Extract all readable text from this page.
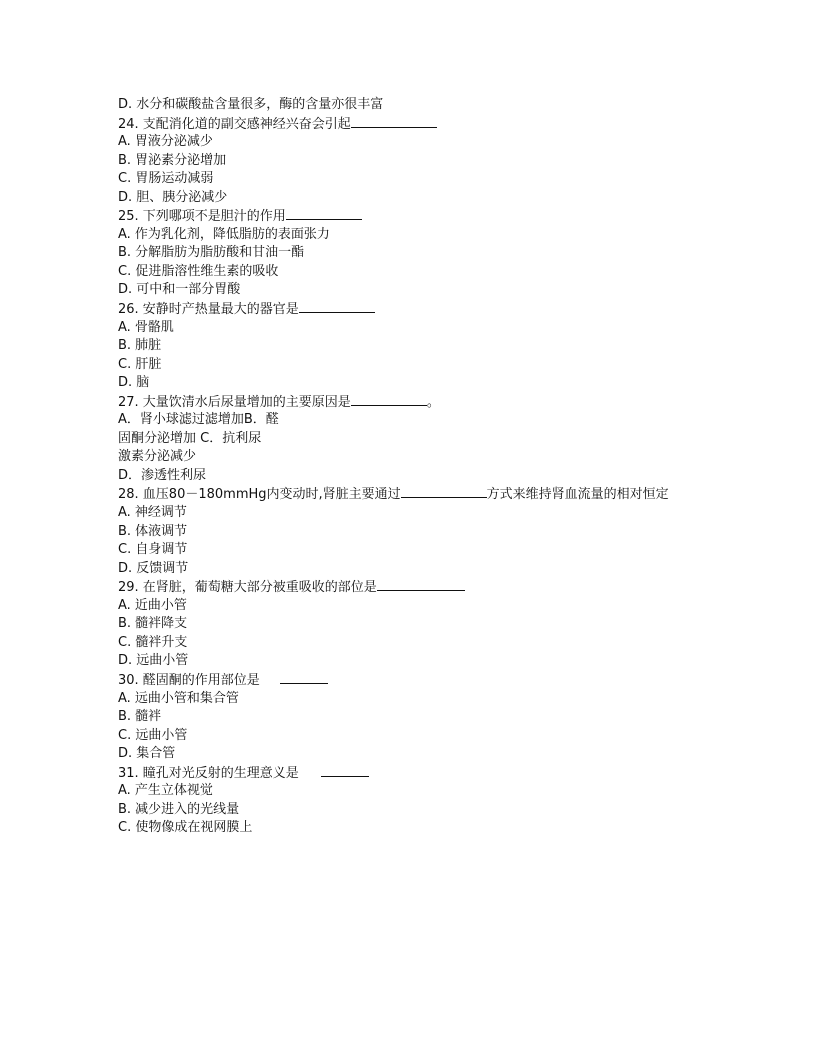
D. 水分和碳酸盐含量很多，酶的含量亦很丰富
24. 支配消化道的副交感神经兴奋会引起
A. 胃液分泌减少
B. 胃泌素分泌增加
C. 胃肠运动减弱
D. 胆、胰分泌减少
25. 下列哪项不是胆汁的作用
A. 作为乳化剂，降低脂肪的表面张力
B. 分解脂肪为脂肪酸和甘油一酯
C. 促进脂溶性维生素的吸收
D. 可中和一部分胃酸
26. 安静时产热量最大的器官是
A. 骨骼肌
B. 肺脏
C. 肝脏
D. 脑
27. 大量饮清水后尿量增加的主要原因是	。
A．肾小球滤过滤增加B．醛
固酮分泌增加 C．抗利尿
激素分泌减少
D．渗透性利尿
28. 血压80－180mmHg内变动时,肾脏主要通过	方式来维持肾血流量的相对恒定
A. 神经调节
B. 体液调节
C. 自身调节
D. 反馈调节
29. 在肾脏，葡萄糖大部分被重吸收的部位是
A. 近曲小管
B. 髓袢降支
C. 髓袢升支
D. 远曲小管
30. 醛固酮的作用部位是
A. 远曲小管和集合管
B. 髓袢
C. 远曲小管
D. 集合管
31. 瞳孔对光反射的生理意义是
A. 产生立体视觉
B. 减少进入的光线量
C. 使物像成在视网膜上
